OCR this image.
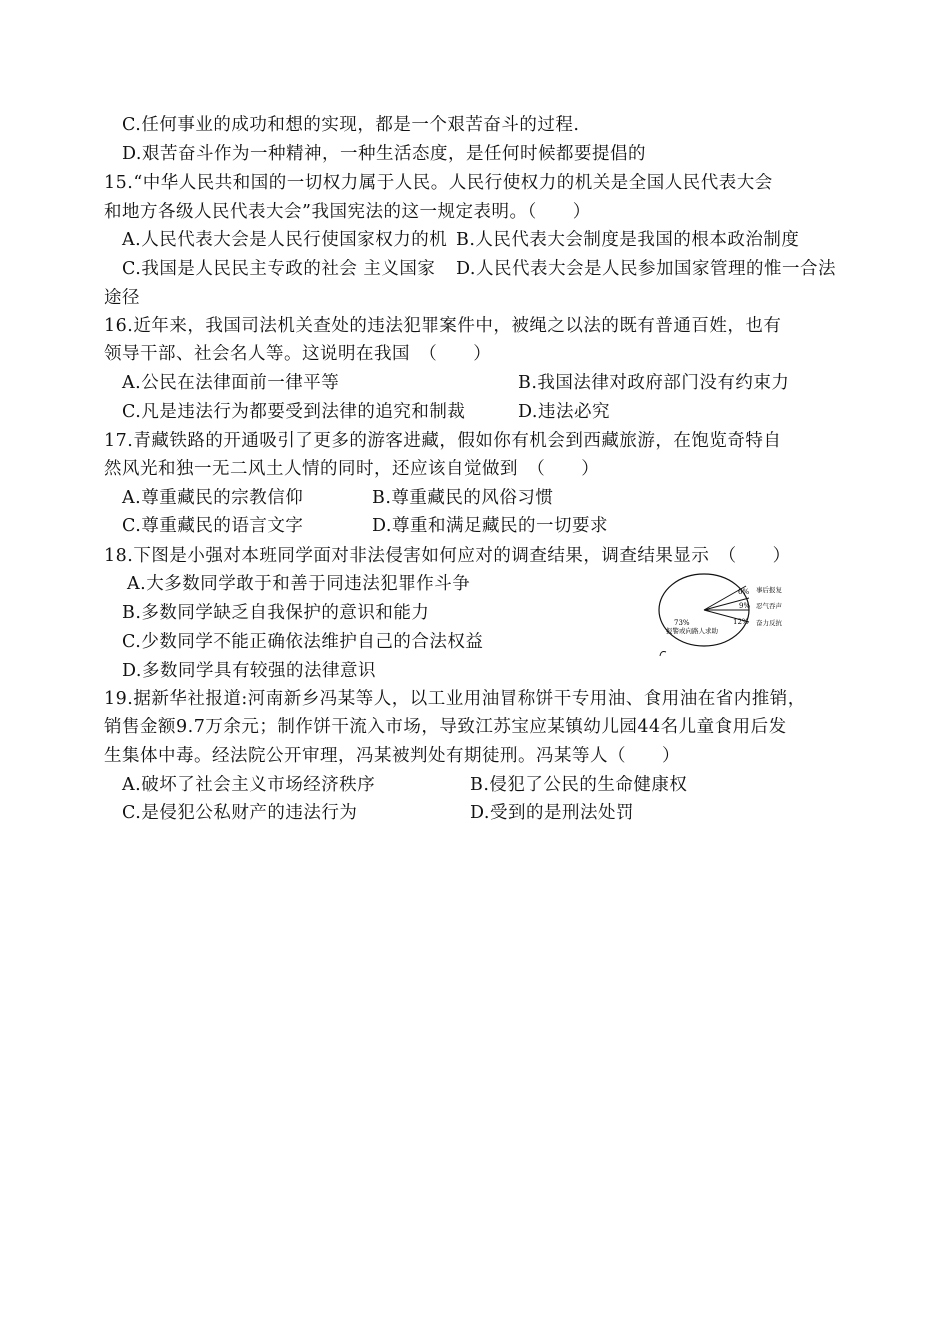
C.任何事业的成功和想的实现，都是一个艰苦奋斗的过程.
D.艰苦奋斗作为一种精神，一种生活态度，是任何时候都要提倡的
15.“中华人民共和国的一切权力属于人民。人民行使权力的机关是全国人民代表大会
和地方各级人民代表大会”我国宪法的这一规定表明。（　　）
A.人民代表大会是人民行使国家权力的机 B.人民代表大会制度是我国的根本政治制度
C.我国是人民民主专政的社会 主义国家 D.人民代表大会是人民参加国家管理的惟一合法
途径
16.近年来，我国司法机关查处的违法犯罪案件中，被绳之以法的既有普通百姓，也有
领导干部、社会名人等。这说明在我国　（　　）
A.公民在法律面前一律平等	B.我国法律对政府部门没有约束力
C.凡是违法行为都要受到法律的追究和制裁	D.违法必究
17.青藏铁路的开通吸引了更多的游客进藏，假如你有机会到西藏旅游，在饱览奇特自
然风光和独一无二风土人情的同时，还应该自觉做到　（　　）
A.尊重藏民的宗教信仰	B.尊重藏民的风俗习惯
C.尊重藏民的语言文字	D.尊重和满足藏民的一切要求
18.下图是小强对本班同学面对非法侵害如何应对的调查结果，调查结果显示　（　　）
A.大多数同学敢于和善于同违法犯罪作斗争
B.多数同学缺乏自我保护的意识和能力
C.少数同学不能正确依法维护自己的合法权益
D.多数同学具有较强的法律意识
73%	12%
9%
6%
报警或向路人求助
奋力反抗
忍气吞声
事后报复
19.据新华社报道:河南新乡冯某等人，以工业用油冒称饼干专用油、食用油在省内推销，
销售金额9.7万余元；制作饼干流入市场，导致江苏宝应某镇幼儿园44名儿童食用后发
生集体中毒。经法院公开审理，冯某被判处有期徒刑。冯某等人（　　）
A.破坏了社会主义市场经济秩序	B.侵犯了公民的生命健康权
C.是侵犯公私财产的违法行为	D.受到的是刑法处罚
